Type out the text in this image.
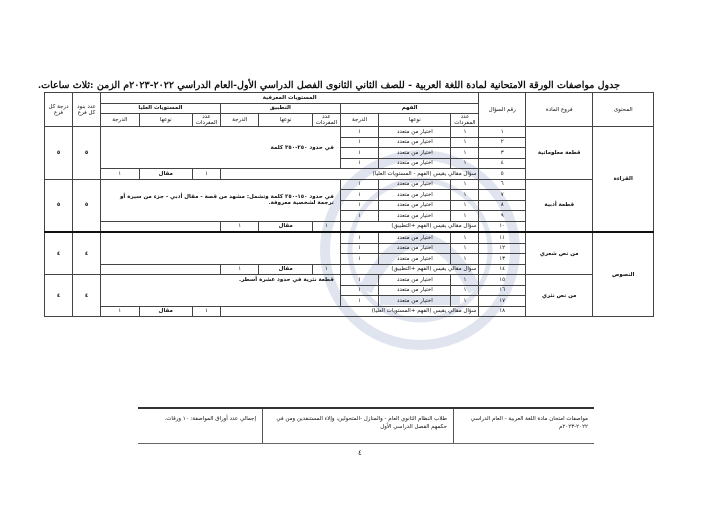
جدول مواصفات الورقة الامتحانية لمادة اللغة العربية - للصف الثاني الثانوى الفصل الدراسي الأول-العام الدراسي ٢٠٢٢-٢٠٢٣م الزمن :ثلاث ساعات.
المحتوى	فروع المادة	رقم السؤال	المستويات المعرفية									عدد بنود كل فرع	درجة كل فرع
			الفهم			التطبيق			المستويات العليا				
			عدد المفردات	نوعها	الدرجة	عدد المفردات	نوعها	الدرجة	عدد المفردات	نوعها	الدرجة		
القراءة	قطعة معلوماتية	١	١	اختيار من متعدد	١	في حدود ٢٥٠-٣٥٠ كلمة						٥	٥
		٢	١	اختيار من متعدد	١								
		٣	١	اختيار من متعدد	١								
		٤	١	اختيار من متعدد	١								
		٥	سؤال مقالي يقيس (الفهم - المستويات العليا)						١	مقال	١		
	قطعة أدبية	٦	١	اختيار من متعدد	١	في حدود ١٥٠-٢٥٠ كلمة وتشمل: مشهد من قصة - مقال أدبي - جزء من سيرة أو ترجمة لشخصية معروفة.						٥	٥
		٧	١	اختيار من متعدد	١								
		٨	١	اختيار من متعدد	١								
		٩	١	اختيار من متعدد	١								
		١٠	سؤال مقالي يقيس (الفهم +التطبيق)			١	مقال	١					
النصوص	من نص شعري	١١	١	اختيار من متعدد	١							٤	٤
		١٢	١	اختيار من متعدد	١								
		١٣	١	اختيار من متعدد	١								
		١٤	سؤال مقالي يقيس (الفهم +التطبيق)			١	مقال	١					
	من نص نثري	١٥	١	اختيار من متعدد	١	قطعة نثرية في حدود عشرة أسطر.						٤	٤
		١٦	١	اختيار من متعدد	١								
		١٧	١	اختيار من متعدد	١								
		١٨	سؤال مقالي يقيس (الفهم +المستويات العليا)						١	مقال	١		
مواصفات امتحان مادة اللغة العربية - العام الدراسي ٢٠٢٢-٢٠٢٣م
طلاب النظام الثانوي العام - والمنازل -المتحولين، وإلاء المستنفدين ومن في حكمهم الفصل الدراسي الأول
إجمالي عدد أوراق المواصفة: ١٠ ورقات.
٤
